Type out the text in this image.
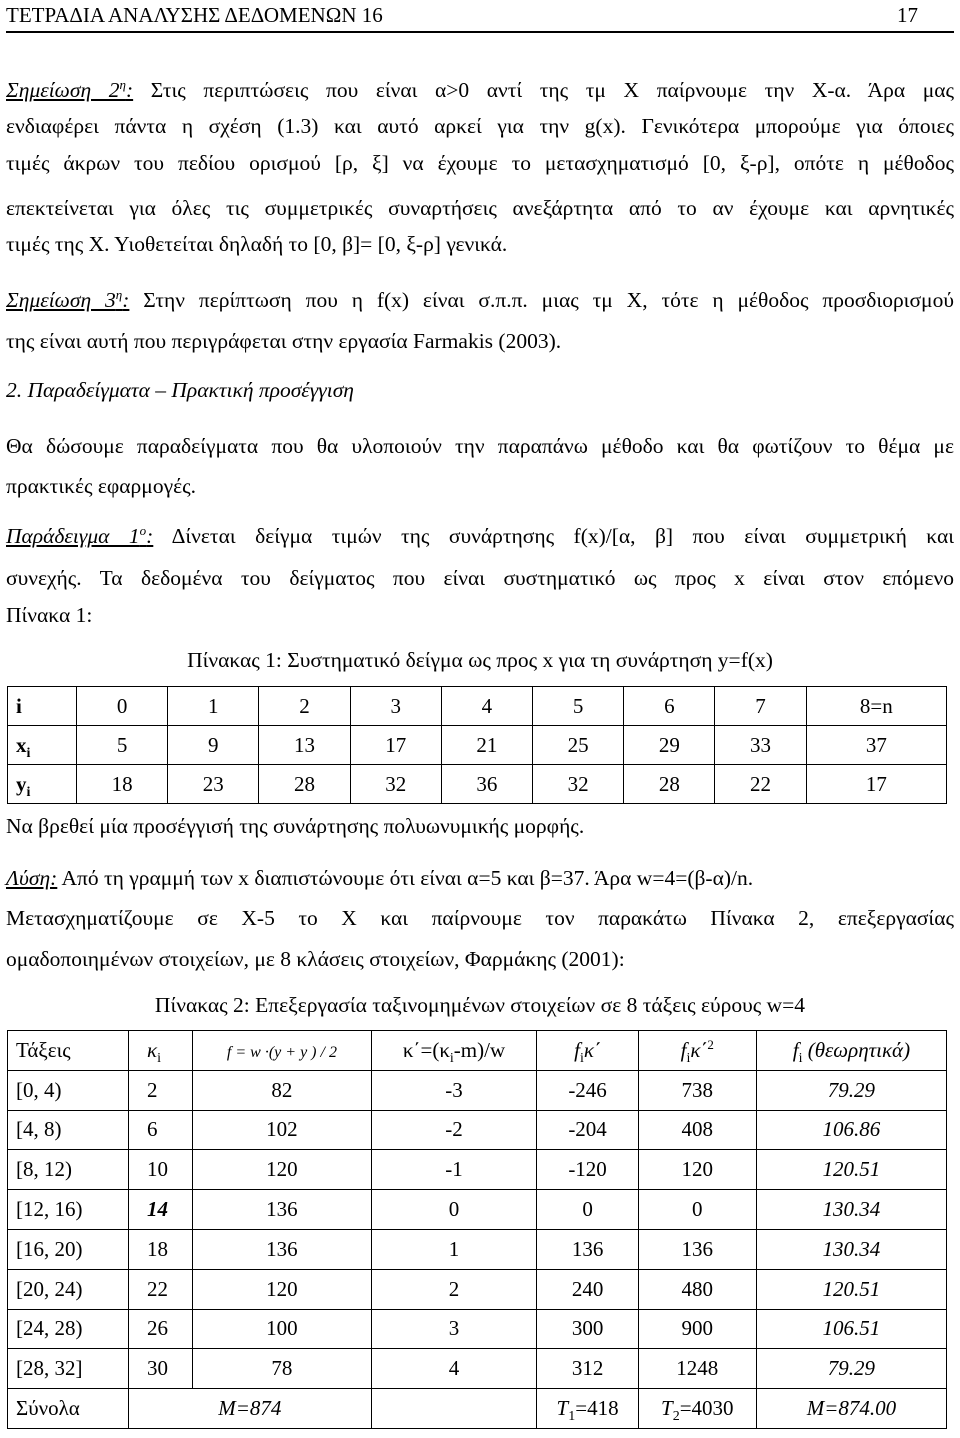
ΤΕΤΡΑΔΙΑ ΑΝΑΛΥΣΗΣ ΔΕΔΟΜΕΝΩΝ 16	17
Σημείωση $2^\eta$: Στις περιπτώσεις που είναι α>0 αντί της τμ Χ παίρνουμε την Χ-α. Άρα μας
ενδιαφέρει πάντα η σχέση (1.3) και αυτό αρκεί για την g(x). Γενικότερα μπορούμε για όποιες
τιμές άκρων του πεδίου ορισμού [ρ, ξ] να έχουμε το μετασχηματισμό [0, ξ-ρ], οπότε η μέθοδος
επεκτείνεται για όλες τις συμμετρικές συναρτήσεις ανεξάρτητα από το αν έχουμε και αρνητικές
τιμές της Χ. Υιοθετείται δηλαδή το [0, β]= [0, ξ-ρ] γενικά.
Σημείωση $3^\eta$: Στην περίπτωση που η f(x) είναι σ.π.π. μιας τμ Χ, τότε η μέθοδος προσδιορισμού
της είναι αυτή που περιγράφεται στην εργασία Farmakis (2003).
2. Παραδείγματα – Πρακτική προσέγγιση
Θα δώσουμε παραδείγματα που θα υλοποιούν την παραπάνω μέθοδο και θα φωτίζουν το θέμα με
πρακτικές εφαρμογές.
Παράδειγμα $1^o$: Δίνεται δείγμα τιμών της συνάρτησης f(x)/[α, β] που είναι συμμετρική και
συνεχής. Τα δεδομένα του δείγματος που είναι συστηματικό ως προς x είναι στον επόμενο
Πίνακα 1:
Πίνακας 1: Συστηματικό δείγμα ως προς x για τη συνάρτηση y=f(x)
i	0	1	2	3	4	5	6	7	8=n
$x_i$	5	9	13	17	21	25	29	33	37
$y_i$	18	23	28	32	36	32	28	22	17
Να βρεθεί μία προσέγγισή της συνάρτησης πολυωνυμικής μορφής.
Λύση: Από τη γραμμή των x διαπιστώνουμε ότι είναι α=5 και β=37. Άρα w=4=(β-α)/n.
Μετασχηματίζουμε σε Χ-5 το Χ και παίρνουμε τον παρακάτω Πίνακα 2, επεξεργασίας
ομαδοποιημένων στοιχείων, με 8 κλάσεις στοιχείων, Φαρμάκης (2001):
Πίνακας 2: Επεξεργασία ταξινομημένων στοιχείων σε 8 τάξεις εύρους w=4
Τάξεις	$\kappa_i$	f = w ·(y + y ) / 2	$\kappa΄=(\kappa_i-m)/w$	$f_i\kappa΄$	$f_i\kappa΄^2$	$f_i$ (θεωρητικά)
[0, 4)	2	82	-3	-246	738	79.29
[4, 8)	6	102	-2	-204	408	106.86
[8, 12)	10	120	-1	-120	120	120.51
[12, 16)	14	136	0	0	0	130.34
[16, 20)	18	136	1	136	136	130.34
[20, 24)	22	120	2	240	480	120.51
[24, 28)	26	100	3	300	900	106.51
[28, 32]	30	78	4	312	1248	79.29
Σύνολα	M=874			$T_1=418$	$T_2=4030$	M=874.00
